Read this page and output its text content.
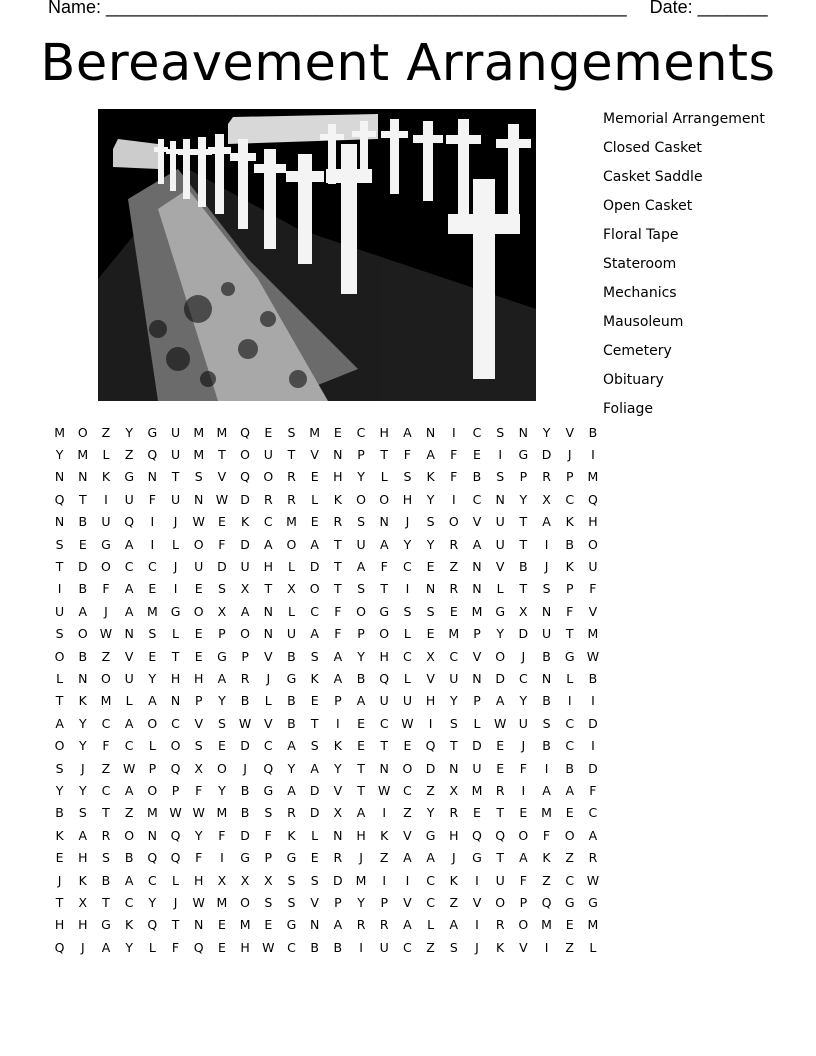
Name: ____________________________________________________ Date: _______
Bereavement Arrangements
Memorial Arrangement
Closed Casket
Casket Saddle
Open Casket
Floral Tape
Stateroom
Mechanics
Mausoleum
Cemetery
Obituary
Foliage
M	O	Z	Y	G	U	M	M	Q	E	S	M	E	C	H	A	N	I	C	S	N	Y	V	B
Y	M	L	Z	Q	U	M	T	O	U	T	V	N	P	T	F	A	F	E	I	G	D	J	I
N	N	K	G	N	T	S	V	Q	O	R	E	H	Y	L	S	K	F	B	S	P	R	P	M
Q	T	I	U	F	U	N	W	D	R	R	L	K	O	O	H	Y	I	C	N	Y	X	C	Q
N	B	U	Q	I	J	W	E	K	C	M	E	R	S	N	J	S	O	V	U	T	A	K	H
S	E	G	A	I	L	O	F	D	A	O	A	T	U	A	Y	Y	R	A	U	T	I	B	O
T	D	O	C	C	J	U	D	U	H	L	D	T	A	F	C	E	Z	N	V	B	J	K	U
I	B	F	A	E	I	E	S	X	T	X	O	T	S	T	I	N	R	N	L	T	S	P	F
U	A	J	A	M	G	O	X	A	N	L	C	F	O	G	S	S	E	M	G	X	N	F	V
S	O	W	N	S	L	E	P	O	N	U	A	F	P	O	L	E	M	P	Y	D	U	T	M
O	B	Z	V	E	T	E	G	P	V	B	S	A	Y	H	C	X	C	V	O	J	B	G	W
L	N	O	U	Y	H	H	A	R	J	G	K	A	B	Q	L	V	U	N	D	C	N	L	B
T	K	M	L	A	N	P	Y	B	L	B	E	P	A	U	U	H	Y	P	A	Y	B	I	I
A	Y	C	A	O	C	V	S	W	V	B	T	I	E	C	W	I	S	L	W	U	S	C	D
O	Y	F	C	L	O	S	E	D	C	A	S	K	E	T	E	Q	T	D	E	J	B	C	I
S	J	Z	W	P	Q	X	O	J	Q	Y	A	Y	T	N	O	D	N	U	E	F	I	B	D
Y	Y	C	A	O	P	F	Y	B	G	A	D	V	T	W	C	Z	X	M	R	I	A	A	F
B	S	T	Z	M	W	W	M	B	S	R	D	X	A	I	Z	Y	R	E	T	E	M	E	C
K	A	R	O	N	Q	Y	F	D	F	K	L	N	H	K	V	G	H	Q	Q	O	F	O	A
E	H	S	B	Q	Q	F	I	G	P	G	E	R	J	Z	A	A	J	G	T	A	K	Z	R
J	K	B	A	C	L	H	X	X	X	S	S	D	M	I	I	C	K	I	U	F	Z	C	W
T	X	T	C	Y	J	W	M	O	S	S	V	P	Y	P	V	C	Z	V	O	P	Q	G	G
H	H	G	K	Q	T	N	E	M	E	G	N	A	R	R	A	L	A	I	R	O	M	E	M
Q	J	A	Y	L	F	Q	E	H	W	C	B	B	I	U	C	Z	S	J	K	V	I	Z	L
